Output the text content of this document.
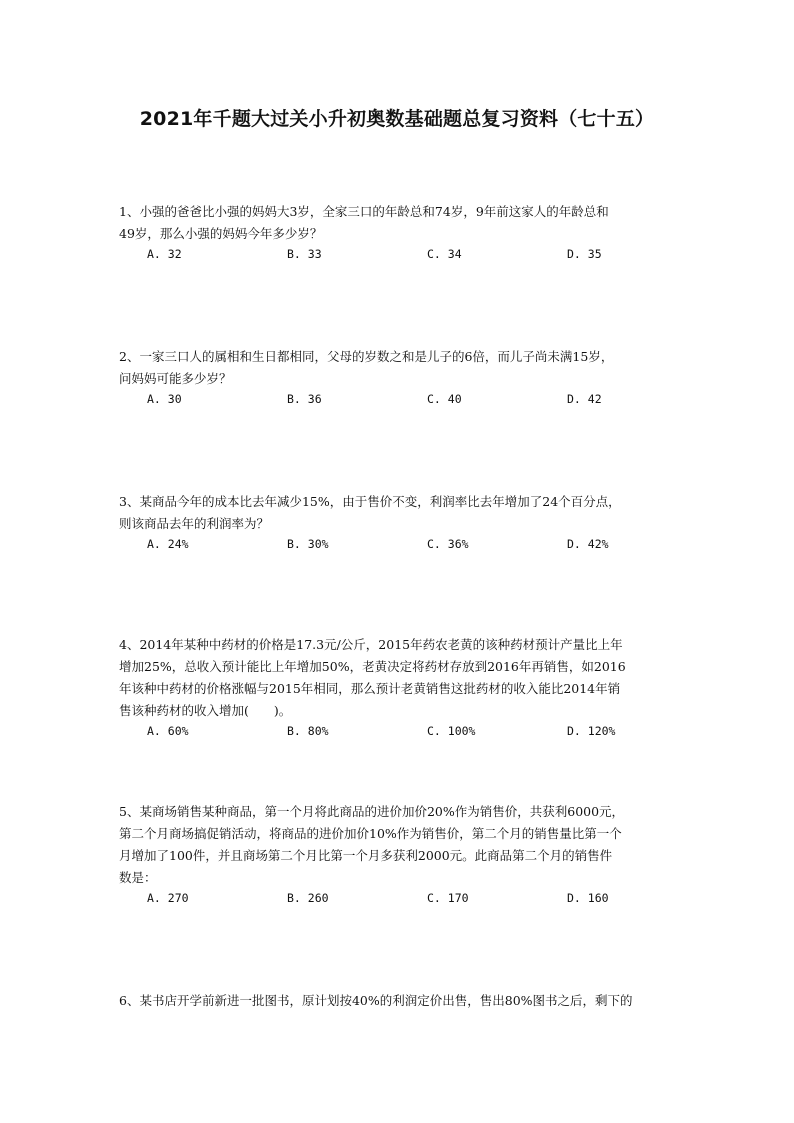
2021年千题大过关小升初奥数基础题总复习资料（七十五）

1、小强的爸爸比小强的妈妈大3岁，全家三口的年龄总和74岁，9年前这家人的年龄总和
49岁，那么小强的妈妈今年多少岁？

A. 32	B. 33	C. 34	D. 35

2、一家三口人的属相和生日都相同，父母的岁数之和是儿子的6倍，而儿子尚未满15岁，
问妈妈可能多少岁？

A. 30	B. 36	C. 40	D. 42

3、某商品今年的成本比去年减少15%，由于售价不变，利润率比去年增加了24个百分点，
则该商品去年的利润率为？

A. 24%	B. 30%	C. 36%	D. 42%

4、2014年某种中药材的价格是17.3元/公斤，2015年药农老黄的该种药材预计产量比上年
增加25%，总收入预计能比上年增加50%，老黄决定将药材存放到2016年再销售，如2016
年该种中药材的价格涨幅与2015年相同，那么预计老黄销售这批药材的收入能比2014年销
售该种药材的收入增加(　　)。

A. 60%	B. 80%	C. 100%	D. 120%

5、某商场销售某种商品，第一个月将此商品的进价加价20%作为销售价，共获利6000元，
第二个月商场搞促销活动，将商品的进价加价10%作为销售价，第二个月的销售量比第一个
月增加了100件，并且商场第二个月比第一个月多获利2000元。此商品第二个月的销售件
数是：

A. 270	B. 260	C. 170	D. 160

6、某书店开学前新进一批图书，原计划按40%的利润定价出售，售出80%图书之后，剩下的
